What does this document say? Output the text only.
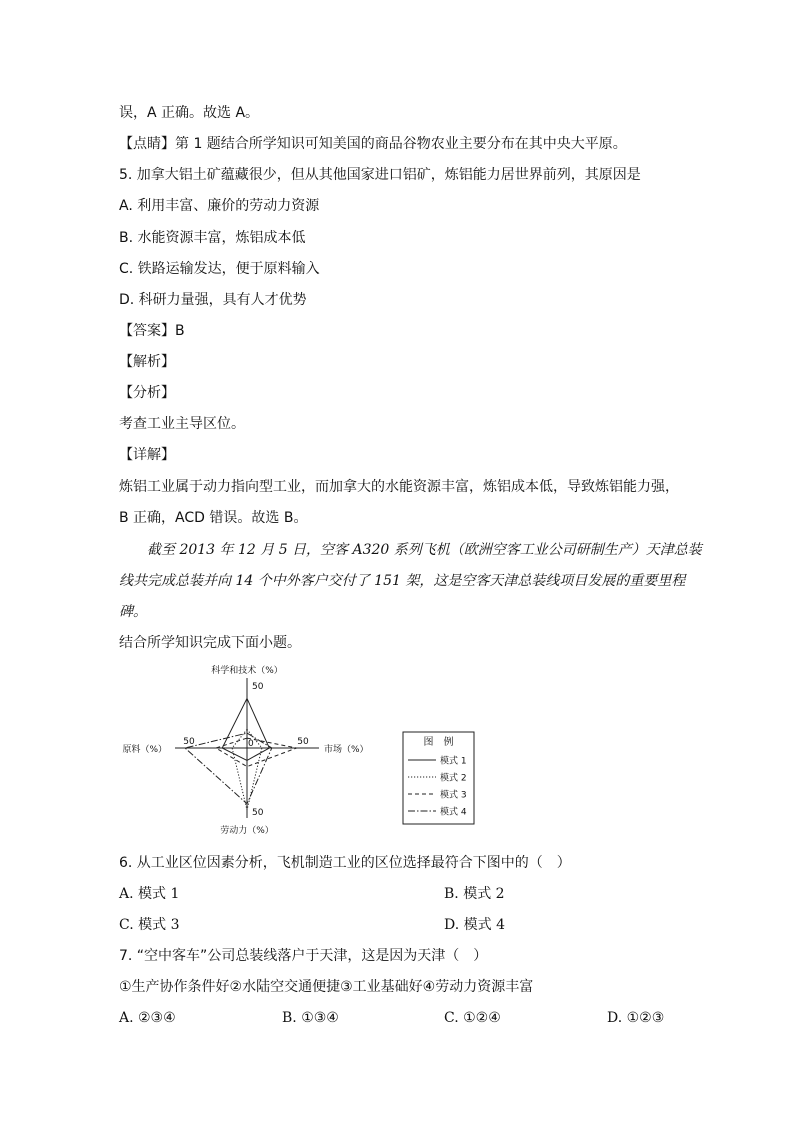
误，A 正确。故选 A。
【点睛】第 1 题结合所学知识可知美国的商品谷物农业主要分布在其中央大平原。
5. 加拿大铝土矿蕴藏很少，但从其他国家进口铝矿，炼铝能力居世界前列，其原因是
A. 利用丰富、廉价的劳动力资源
B. 水能资源丰富，炼铝成本低
C. 铁路运输发达，便于原料输入
D. 科研力量强，具有人才优势
【答案】B
【解析】
【分析】
考查工业主导区位。
【详解】
炼铝工业属于动力指向型工业，而加拿大的水能资源丰富，炼铝成本低，导致炼铝能力强，
B 正确，ACD 错误。故选 B。
截至 2013 年 12 月 5 日，空客 A320 系列飞机（欧洲空客工业公司研制生产）天津总装
线共完成总装并向 14 个中外客户交付了 151 架，这是空客天津总装线项目发展的重要里程
碑。
结合所学知识完成下面小题。
科学和技术（%）
市场（%）
劳动力（%）
原料（%）
50
50
50
50	0	图　例
模式 1
模式 2
模式 3
模式 4
6. 从工业区位因素分析，飞机制造工业的区位选择最符合下图中的（　）
A. 模式 1	B. 模式 2
C. 模式 3	D. 模式 4
7. “空中客车”公司总装线落户于天津，这是因为天津（　）
①生产协作条件好②水陆空交通便捷③工业基础好④劳动力资源丰富
A. ②③④	B. ①③④	C. ①②④	D. ①②③
